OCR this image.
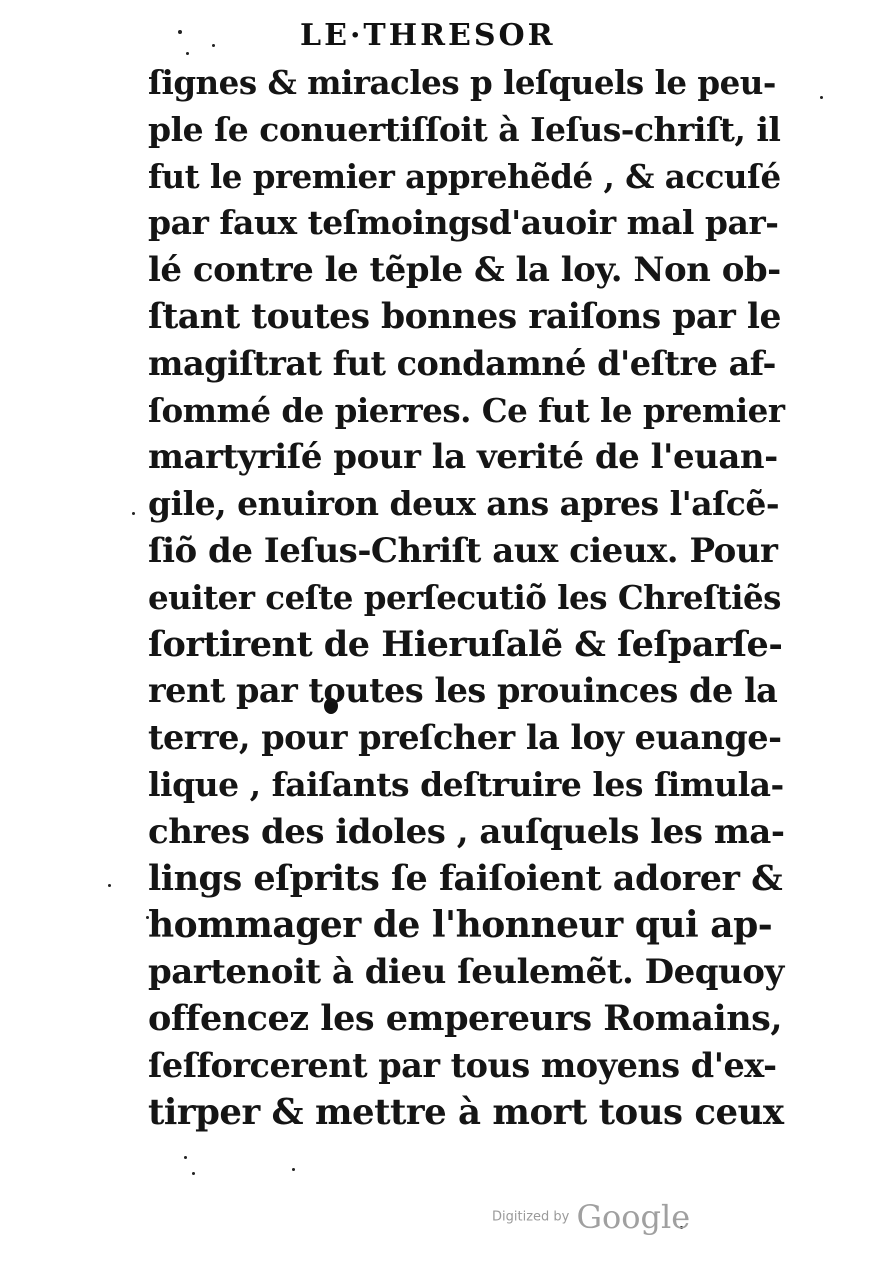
LE·THRESOR
ſignes & miracles p leſquels le peu-
ple ſe conuertiſſoit à Ieſus-chriſt, il
fut le premier apprehẽdé , & accuſé
par faux teſmoingsd'auoir mal par-
lé contre le tẽple & la loy. Non ob-
ſtant toutes bonnes raiſons par le
magiſtrat fut condamné d'eſtre af-
ſommé de pierres. Ce fut le premier
martyriſé pour la verité de l'euan-
gile, enuiron deux ans apres l'aſcẽ-
ſiõ de Ieſus-Chriſt aux cieux. Pour
euiter ceſte perſecutiõ les Chreſtiẽs
ſortirent de Hieruſalẽ & ſeſparſe-
rent par toutes les prouinces de la
terre, pour preſcher la loy euange-
lique , faiſants deſtruire les ſimula-
chres des idoles , auſquels les ma-
lings eſprits ſe faiſoient adorer &
hommager de l'honneur qui ap-
partenoit à dieu ſeulemẽt. Dequoy
offencez les empereurs Romains,
ſeſforcerent par tous moyens d'ex-
tirper & mettre à mort tous ceux
Digitized by Google
